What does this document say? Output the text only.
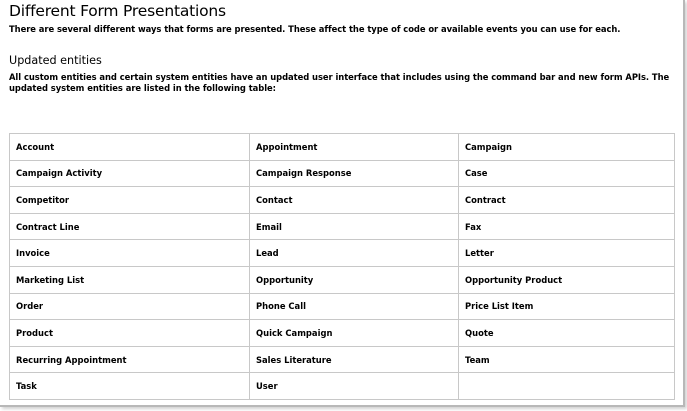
Different Form Presentations

There are several different ways that forms are presented. These affect the type of code or available events you can use for each.

Updated entities

All custom entities and certain system entities have an updated user interface that includes using the command bar and new form APIs. The updated system entities are listed in the following table:

Account	Appointment	Campaign
Campaign Activity	Campaign Response	Case
Competitor	Contact	Contract
Contract Line	Email	Fax
Invoice	Lead	Letter
Marketing List	Opportunity	Opportunity Product
Order	Phone Call	Price List Item
Product	Quick Campaign	Quote
Recurring Appointment	Sales Literature	Team
Task	User	
